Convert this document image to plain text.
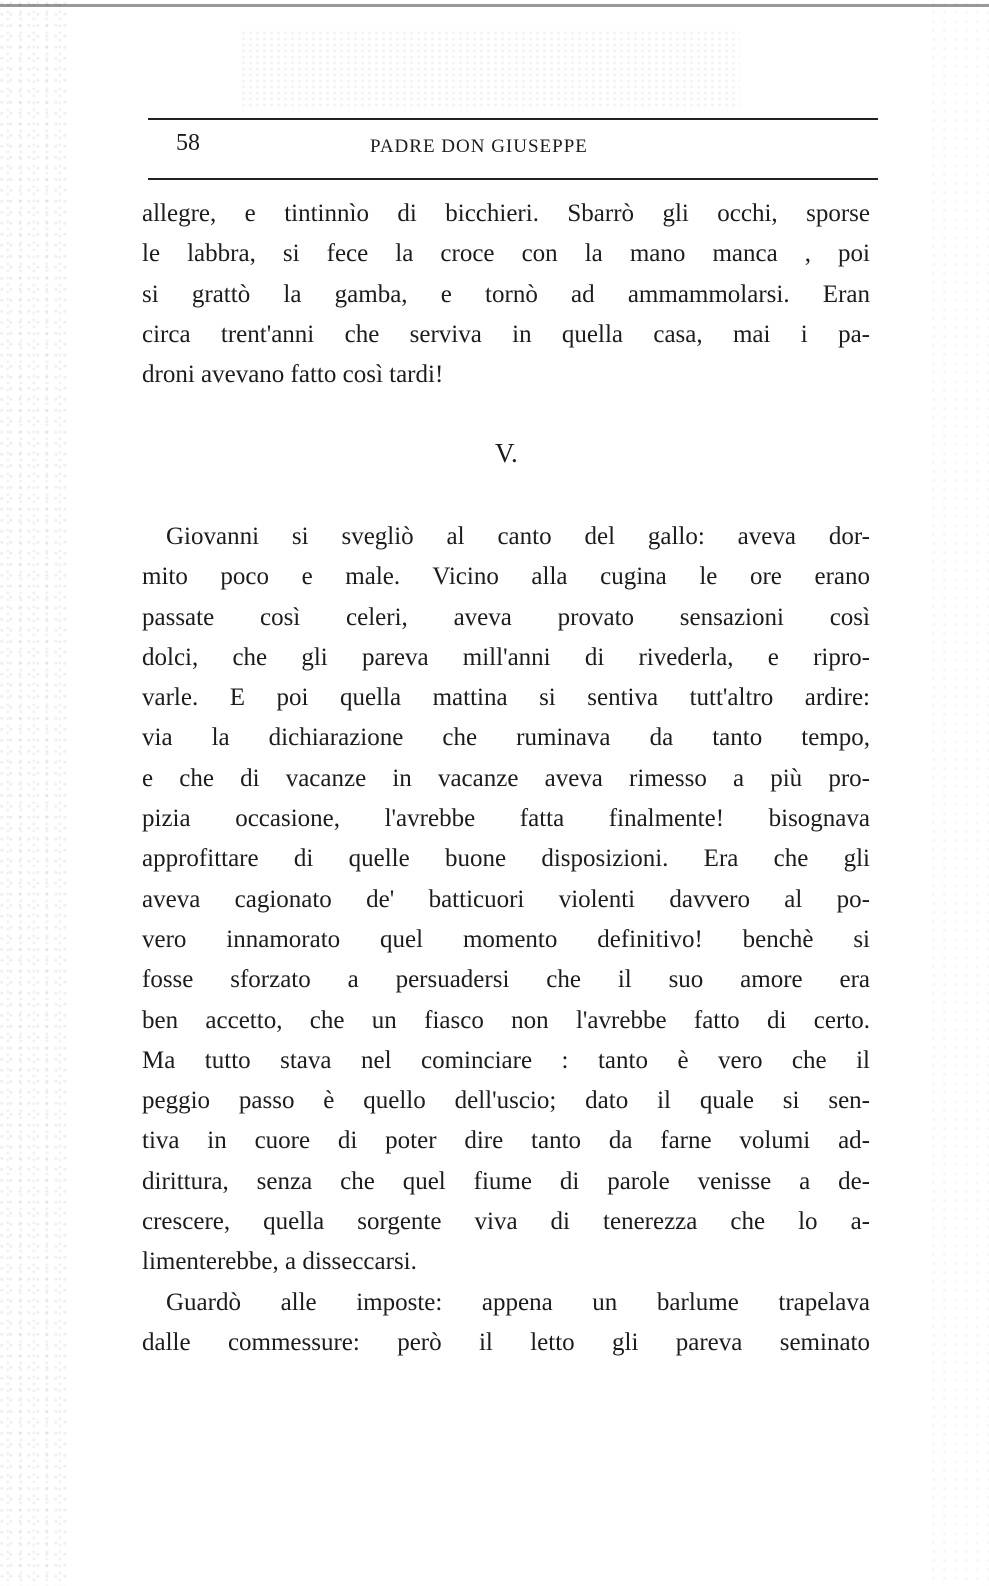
58	PADRE DON GIUSEPPE
allegre, e tintinnìo di bicchieri. Sbarrò gli occhi, sporse
le labbra, si fece la croce con la mano manca , poi
si grattò la gamba, e tornò ad ammammolarsi. Eran
circa trent'anni che serviva in quella casa, mai i pa-
droni avevano fatto così tardi!
V.
Giovanni si svegliò al canto del gallo: aveva dor-
mito poco e male. Vicino alla cugina le ore erano
passate così celeri, aveva provato sensazioni così
dolci, che gli pareva mill'anni di rivederla, e ripro-
varle. E poi quella mattina si sentiva tutt'altro ardire:
via la dichiarazione che ruminava da tanto tempo,
e che di vacanze in vacanze aveva rimesso a più pro-
pizia occasione, l'avrebbe fatta finalmente! bisognava
approfittare di quelle buone disposizioni. Era che gli
aveva cagionato de' batticuori violenti davvero al po-
vero innamorato quel momento definitivo! benchè si
fosse sforzato a persuadersi che il suo amore era
ben accetto, che un fiasco non l'avrebbe fatto di certo.
Ma tutto stava nel cominciare : tanto è vero che il
peggio passo è quello dell'uscio; dato il quale si sen-
tiva in cuore di poter dire tanto da farne volumi ad-
dirittura, senza che quel fiume di parole venisse a de-
crescere, quella sorgente viva di tenerezza che lo a-
limenterebbe, a disseccarsi.
Guardò alle imposte: appena un barlume trapelava
dalle commessure: però il letto gli pareva seminato
